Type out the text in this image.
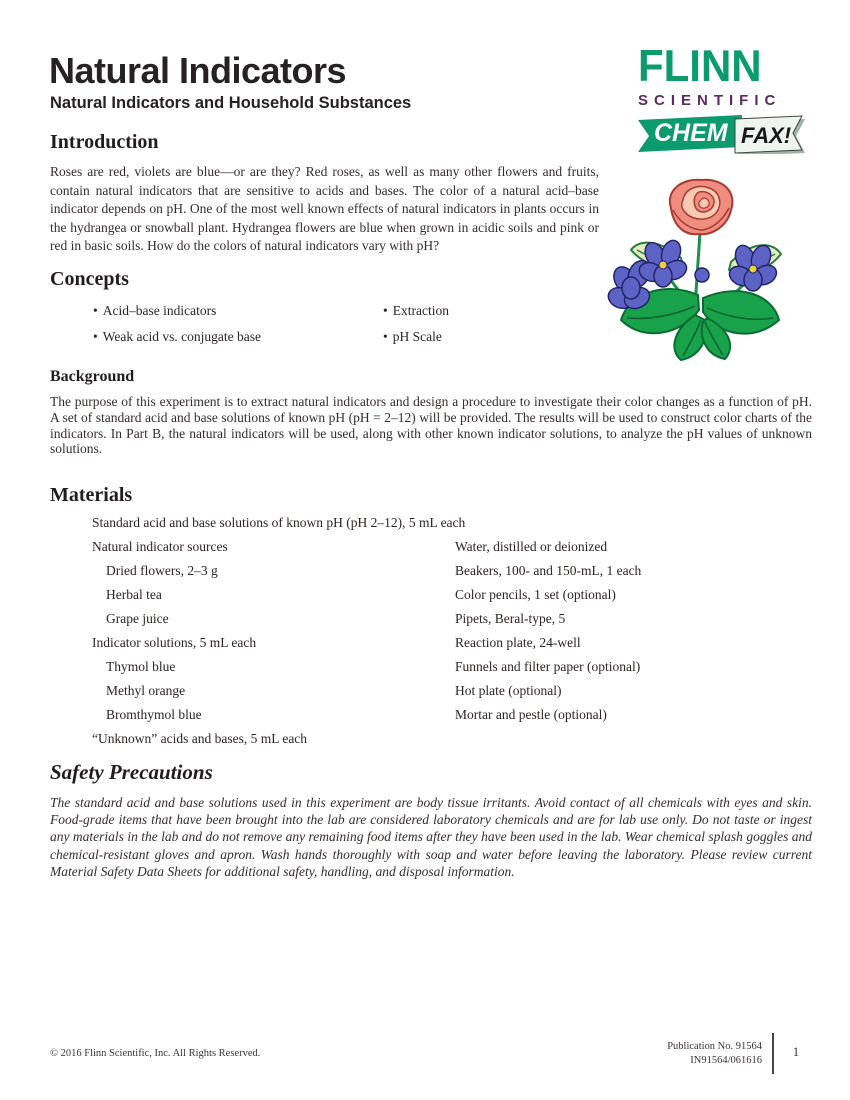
Natural Indicators
Natural Indicators and Household Substances
FLINN
SCIENTIFIC
CHEM FAX!
Introduction
Roses are red, violets are blue—or are they? Red roses, as well as many other flowers and fruits, contain natural indicators that are sensitive to acids and bases. The color of a natural acid–base indicator depends on pH. One of the most well known effects of natural indicators in plants occurs in the hydrangea or snowball plant. Hydrangea flowers are blue when grown in acidic soils and pink or red in basic soils. How do the colors of natural indicators vary with pH?
Concepts
• Acid–base indicators
• Weak acid vs. conjugate base
• Extraction
• pH Scale
Background
The purpose of this experiment is to extract natural indicators and design a procedure to investigate their color changes as a function of pH. A set of standard acid and base solutions of known pH (pH = 2–12) will be provided. The results will be used to construct color charts of the indicators. In Part B, the natural indicators will be used, along with other known indicator solutions, to analyze the pH values of unknown solutions.
Materials
Standard acid and base solutions of known pH (pH 2–12), 5 mL each
Natural indicator sources	Water, distilled or deionized
Dried flowers, 2–3 g	Beakers, 100- and 150-mL, 1 each
Herbal tea	Color pencils, 1 set (optional)
Grape juice	Pipets, Beral-type, 5
Indicator solutions, 5 mL each	Reaction plate, 24-well
Thymol blue	Funnels and filter paper (optional)
Methyl orange	Hot plate (optional)
Bromthymol blue	Mortar and pestle (optional)
“Unknown” acids and bases, 5 mL each
Safety Precautions
The standard acid and base solutions used in this experiment are body tissue irritants. Avoid contact of all chemicals with eyes and skin. Food-grade items that have been brought into the lab are considered laboratory chemicals and are for lab use only. Do not taste or ingest any materials in the lab and do not remove any remaining food items after they have been used in the lab. Wear chemical splash goggles and chemical-resistant gloves and apron. Wash hands thoroughly with soap and water before leaving the laboratory. Please review current Material Safety Data Sheets for additional safety, handling, and disposal information.
© 2016 Flinn Scientific, Inc. All Rights Reserved.
Publication No. 91564
IN91564/061616
1
